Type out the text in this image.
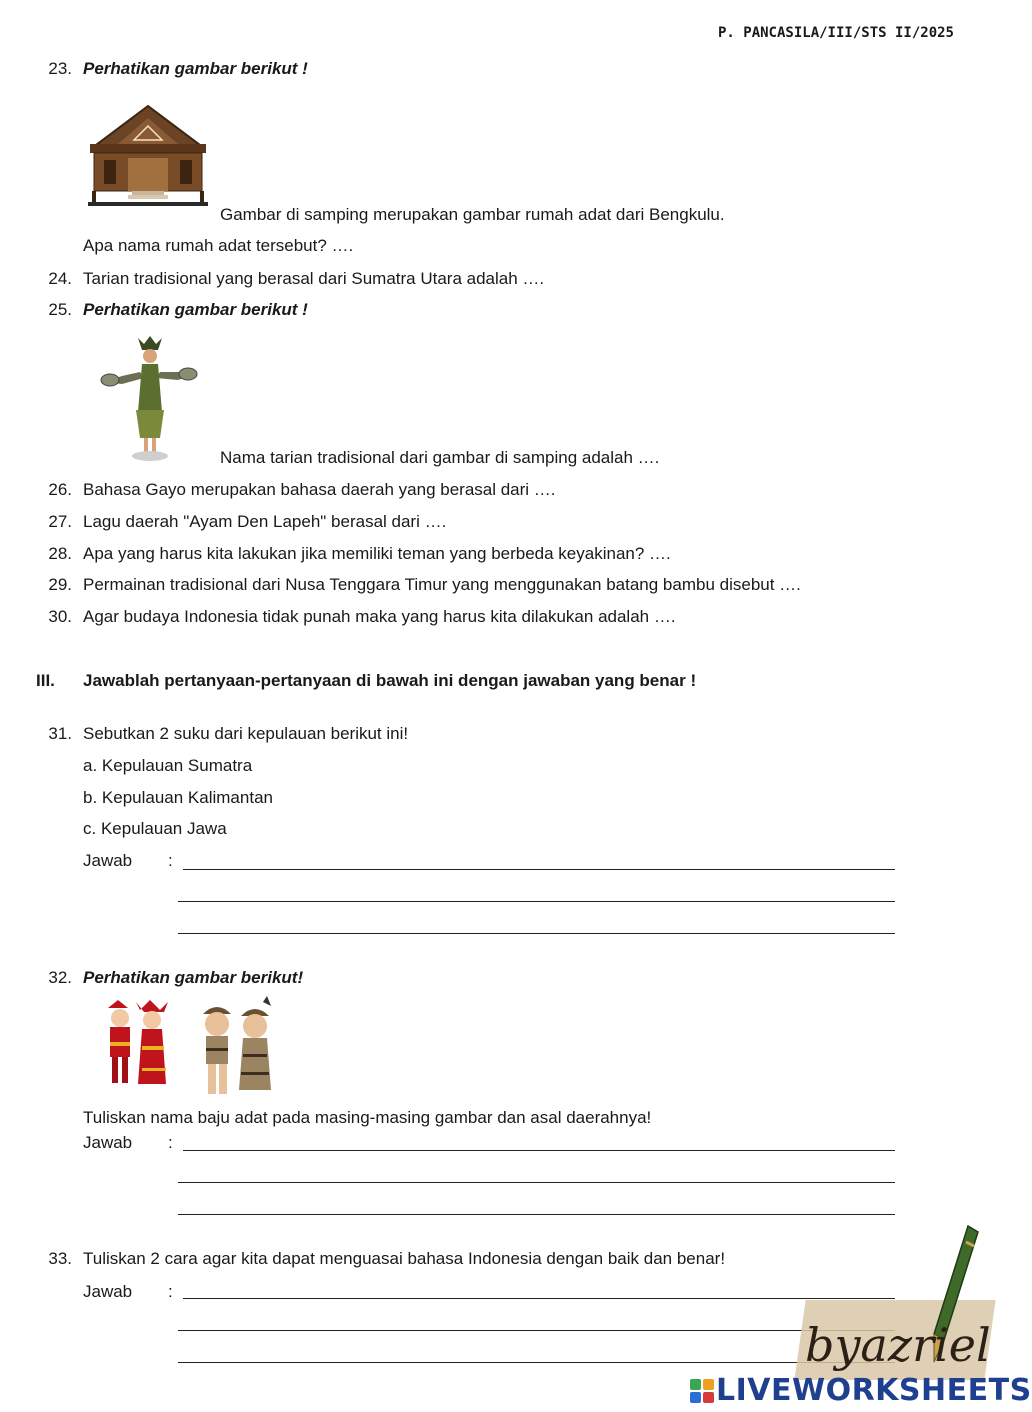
P. PANCASILA/III/STS II/2025
23. Perhatikan gambar berikut !
Gambar di samping merupakan gambar rumah adat dari Bengkulu.
Apa nama rumah adat tersebut? ….
24. Tarian tradisional yang berasal dari Sumatra Utara adalah ….
25. Perhatikan gambar berikut !
Nama tarian tradisional dari gambar di samping adalah ….
26. Bahasa Gayo merupakan bahasa daerah yang berasal dari ….
27. Lagu daerah "Ayam Den Lapeh" berasal dari ….
28. Apa yang harus kita lakukan jika memiliki teman yang berbeda keyakinan? ….
29. Permainan tradisional dari Nusa Tenggara Timur yang menggunakan batang bambu disebut ….
30. Agar budaya Indonesia tidak punah maka yang harus kita dilakukan adalah ….
III. Jawablah pertanyaan-pertanyaan di bawah ini dengan jawaban yang benar !
31. Sebutkan 2 suku dari kepulauan berikut ini!
a. Kepulauan Sumatra
b. Kepulauan Kalimantan
c. Kepulauan Jawa
Jawab :
32. Perhatikan gambar berikut!
Tuliskan nama baju adat pada masing-masing gambar dan asal daerahnya!
Jawab :
33. Tuliskan 2 cara agar kita dapat menguasai bahasa Indonesia dengan baik dan benar!
Jawab :
byazriel
LIVEWORKSHEETS
